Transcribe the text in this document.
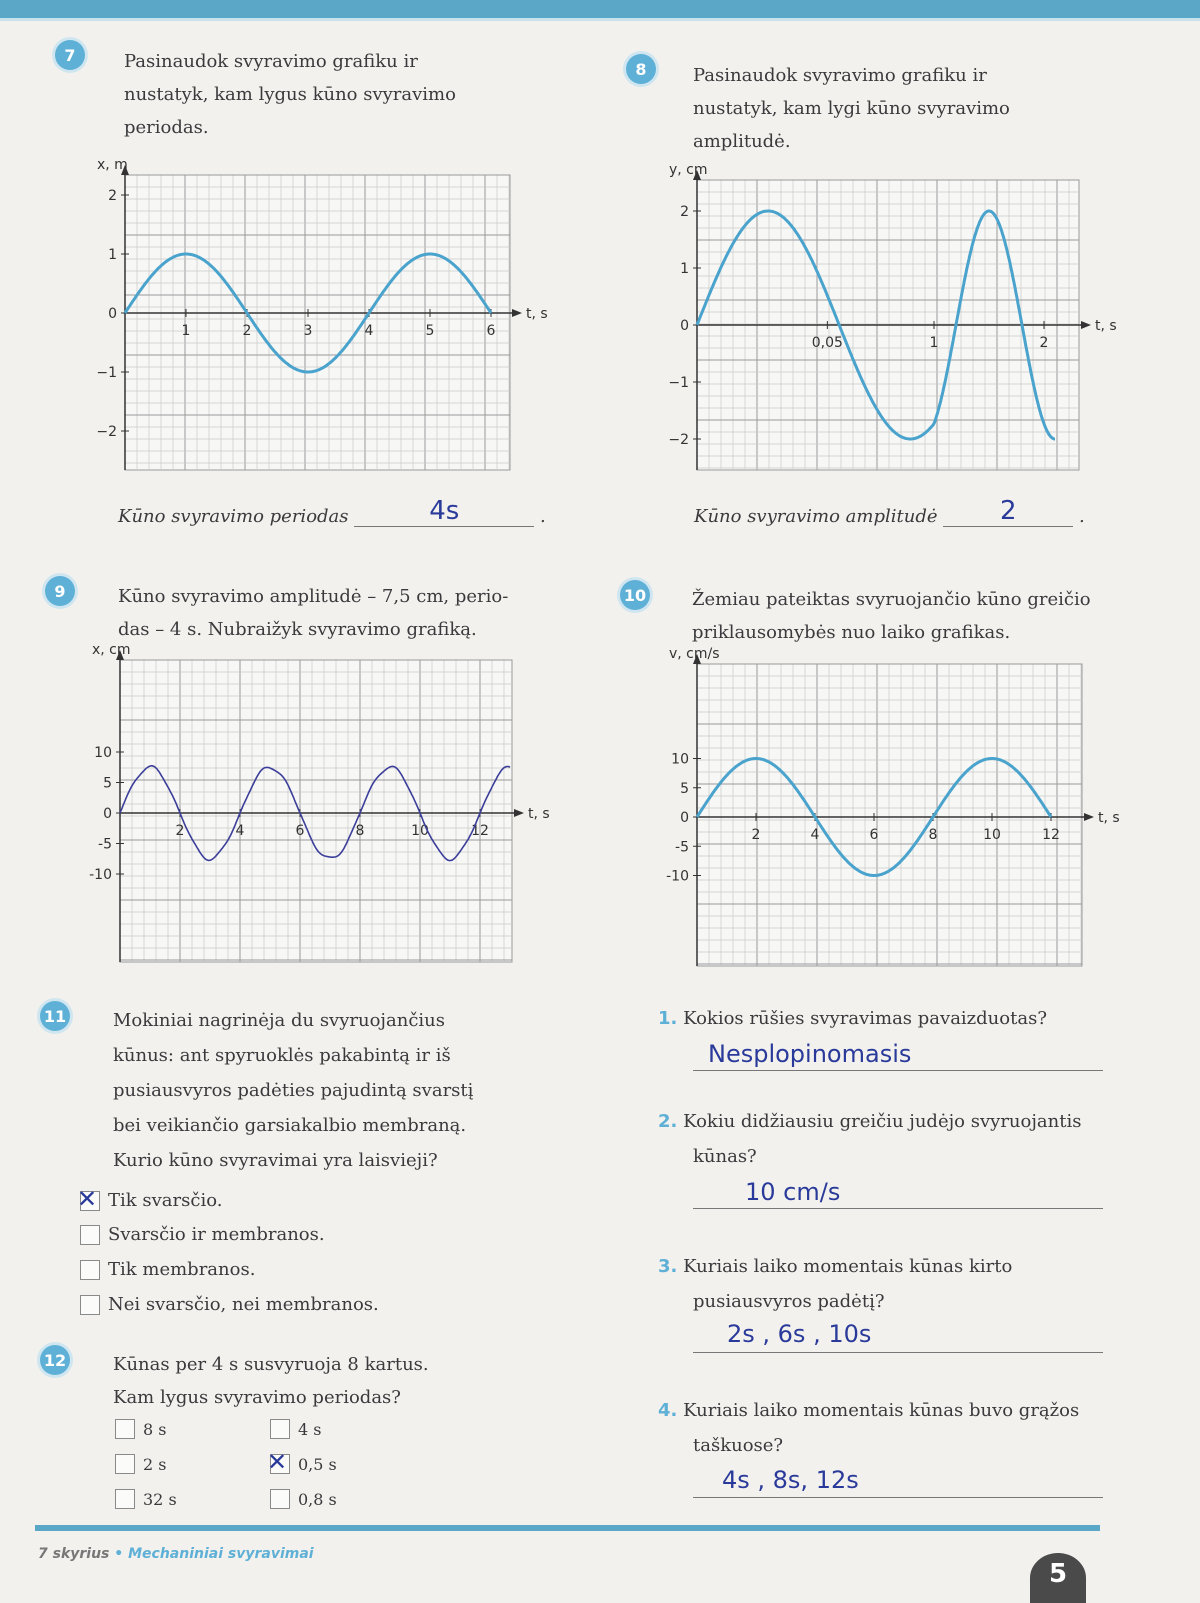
7	Pasinaudok svyravimo grafiku ir
nustatyk, kam lygus kūno svyravimo
periodas.
8	Pasinaudok svyravimo grafiku ir
nustatyk, kam lygi kūno svyravimo
amplitudė.
x, m
t, s
2
1
0
−1
−2
1	2	3	4	5	6
y, cm
t, s
2
1
0
−1
−2
0,05	1	2
x, cm
t, s
10
5
0
-5
-10
2	4	6	8	10	12
v, cm/s
t, s
10
5
0
-5
-10
2	4	6	8	10	12
Kūno svyravimo periodas	4s	.	Kūno svyravimo amplitudė 2	.
9	Kūno svyravimo amplitudė – 7,5 cm, perio-
das – 4 s. Nubraižyk svyravimo grafiką.
10	Žemiau pateiktas svyruojančio kūno greičio
priklausomybės nuo laiko grafikas.
11	Mokiniai nagrinėja du svyruojančius
kūnus: ant spyruoklės pakabintą ir iš
pusiausvyros padėties pajudintą svarstį
bei veikiančio garsiakalbio membraną.
Kurio kūno svyravimai yra laisvieji?
✕ Tik svarsčio.
Svarsčio ir membranos.
Tik membranos.
Nei svarsčio, nei membranos.
12	Kūnas per 4 s susvyruoja 8 kartus.
Kam lygus svyravimo periodas?
8 s	4 s
2 s	✕ 0,5 s
32 s	0,8 s
1. Kokios rūšies svyravimas pavaizduotas?
Nesplopinomasis
2. Kokiu didžiausiu greičiu judėjo svyruojantis
kūnas?
10 cm/s
3. Kuriais laiko momentais kūnas kirto
pusiausvyros padėtį?
2s , 6s , 10s
4. Kuriais laiko momentais kūnas buvo grąžos
taškuose?
4s , 8s, 12s
7 skyrius • Mechaniniai svyravimai
5
